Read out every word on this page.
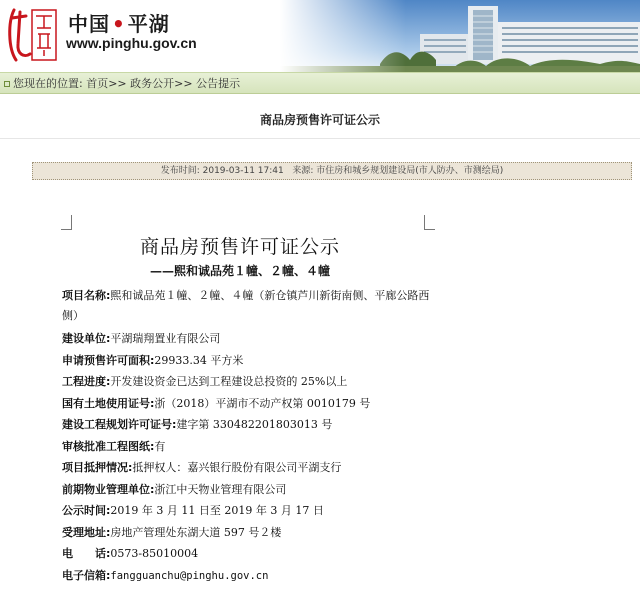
中国 • 平湖
www.pinghu.gov.cn
您现在的位置: 首页>> 政务公开>> 公告提示
商品房预售许可证公示
发布时间: 2019-03-11 17:41 来源: 市住房和城乡规划建设局(市人防办、市测绘局)
商品房预售许可证公示
——熙和诚品苑１幢、２幢、４幢
项目名称:熙和诚品苑１幢、２幢、４幢（新仓镇芦川新街南侧、平廊公路西侧）
建设单位:平湖瑞翔置业有限公司
申请预售许可面积:29933.34 平方米
工程进度:开发建设资金已达到工程建设总投资的 25%以上
国有土地使用证号:浙（2018）平湖市不动产权第 0010179 号
建设工程规划许可证号:建字第 330482201803013 号
审核批准工程图纸:有
项目抵押情况:抵押权人：嘉兴银行股份有限公司平湖支行
前期物业管理单位:浙江中天物业管理有限公司
公示时间:2019 年 3 月 11 日至 2019 年 3 月 17 日
受理地址:房地产管理处东湖大道 597 号２楼
电　　话:0573-85010004
电子信箱:fangguanchu@pinghu.gov.cn
